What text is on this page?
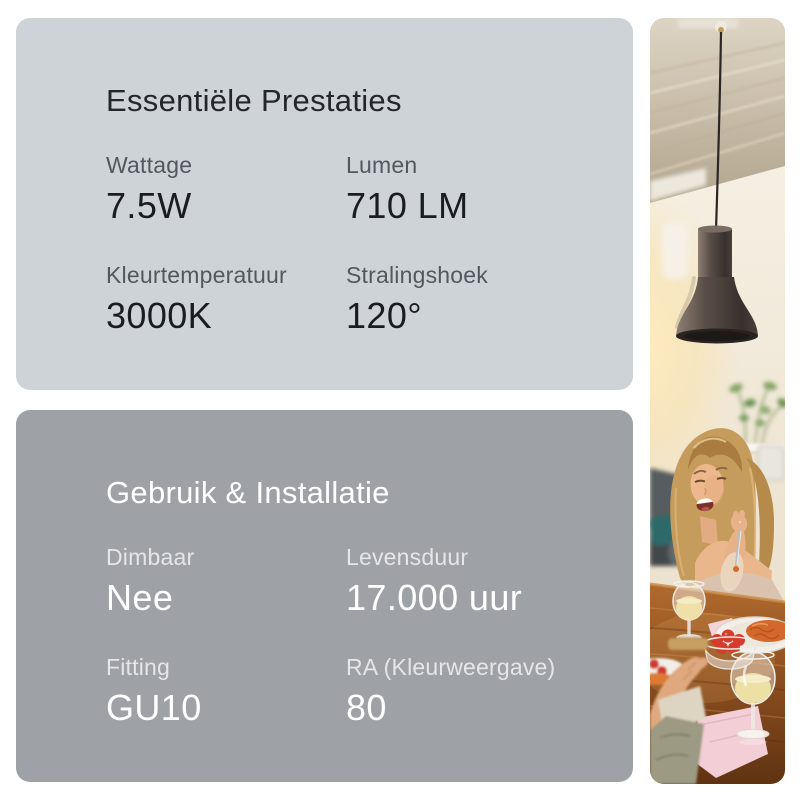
Essentiële Prestaties
Wattage
7.5W
Lumen
710 LM
Kleurtemperatuur
3000K
Stralingshoek
120°
Gebruik & Installatie
Dimbaar
Nee
Levensduur
17.000 uur
Fitting
GU10
RA (Kleurweergave)
80
